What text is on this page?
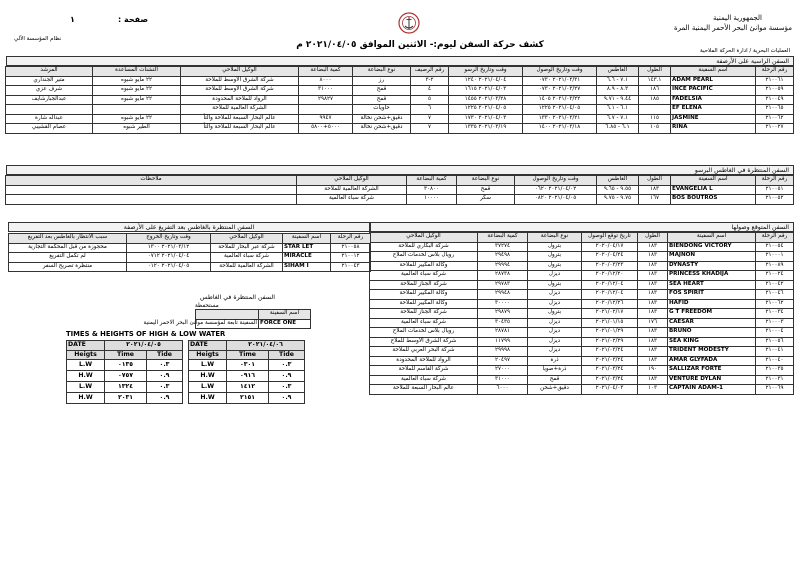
الجمهورية اليمنية
مؤسسة موانئ البحر الأحمر اليمنية المرة
١	صفحة :
نظام المؤسسة الآلي
كشف حركة السفن ليوم:- الاثنين الموافق ٢٠٢١/٠٤/٠٥ م
العمليات البحرية / ادارة الحركة الملاحية
السفن الراسية على الأرصفة
رقم الرحلة	اسم السفينة	الطول	الغاطس	وقت وتاريخ الوصول	وقت وتاريخ الرسو	رقم الرصيف	نوع البضاعة	كمية البضاعة	الوكيل الملاحي	التشنات المساعدة	المرشد
٢١٠٠٦١	ADAM PEARL	١٤٣.١	٧.١ - ٦.٦	٢٠٢١/٠٣/٣١ ٠٧٣٠	٢٠٢١/٠٤/٠٤ ١٢٤٠	٢-٣	رز	٨٠٠٠	شركة الشرق الاوسط للملاحة	٢٢ مايو شبوه	متير الجنداري
٢١٠٠٥٩	INCE PACIFIC	١٨٦	٨.٣ - ٨.٩	٢٠٢١/٠٣/٢٧ ٠٧٣٠	٢٠٢١/٠٤/٠٣ ١٦١٥	٤	قمح	٣١٠٠٠	شركة الشرق الاوسط للملاحة	٢٢ مايو شبوه	شرف عزي
٢١٠٠٤٩	FADELSIA	١٨٥	٩.٤٤ - ٩.٧١	٢٠٢١/٠٣/٢٢ ١٤٠٥	٢٠٢١/٠٣/٢٨ ١٤٥٥	٥	قمح	٢٩٨٢٧	الرواد للملاحة المحدودة	٢٢ مايو شبوه	عبدالجبارشايف
٢١٠٠٦٥	EF ELENA		٦.١ - ٦.١	٢٠٢١/٠٤/٠٥ ١٢٢٥	٢٠٢١/٠٤/٠٥ ١٢٢٥	٦	حاويات		الشركة العالمية للملاحة		
٢١٠٠٦٢	JASMINE	١١٥	٧.١ - ٦.٧	٢٠٢١/٠٣/٢١ ١٣٣٠	٢٠٢١/٠٤/٠٣ ١٧٣٠	٧	دقيق+شحن نخالة	٩٩٤٧	عالم البحار السبعة للملاحة والتأ	٢٢ مايو شبوه	عبداله شارة
٢١٠٠٢٧	RINA	١٠٥	٦.١ - ٦.٨٥	٢٠٢١/٠٣/١٨ ١٤٠٠	٢٠٢١/٠٣/١٩ ١٣٣٥	٧	دقيق+شحن نخالة	٥٠٠٠+٥٨٠٠	عالم البحار السبعة للملاحة والتأ	الطير شبوه	عصام القشيبي
السفن المنتظرة في الغاطس البرسو
رقم الرحلة	اسم السفينة	الطول	الغاطس	وقت وتاريخ الوصول	نوع البضاعة	كمية البضاعة	الوكيل الملاحي	ملاحظات
٢١٠٠٥١	EVANGELIA L	١٨٣	٩.٥٥ - ٩.٦٥	٢٠٢١/٠٤/٠٢ ٠٦٢٠	قمح	٣٠٨٠٠	الشركة العالمية للملاحة	
٢١٠٠٥٢	BOS BOUTROS	١٦٧	٩.٧٥ - ٩.٧٥	٢٠٢١/٠٤/٠٥ ٠٨٢٠	سكر	١٠٠٠٠	شركة سباء العالمية	
السفن المتوقع وصولها
رقم الرحلة	اسم السفينة	الطول	تاريخ توقع الوصول	نوع البضاعة	كمية البضاعة	الوكيل الملاحي
٢١٠٠٥٤	BIENDONG VICTORY	١٨٣	٢٠٢٠/٠٤/١٧	بترول	٣٧٢٧٤	شركة البكاري للملاحة
٢١٠٠٠١	MAJNON	١٨٣	٢٠٢٠/٠٤/٢٤	بترول	٢٩٤٩٨	رويال بلاس لخدمات الملاح
٢١٠٠٨٩	DYNASTY	١٨٣	٢٠٢٠/٠٣/٢٣	بترول	٢٩٩٩٤	وكالة المكيير للملاحة
٢١٠٠٢٤	PRINCESS KHADIJA	١٨٣	٢٠٢٠/١٢/٢٠	ديزل	٢٨٧٣٨	شركة سباء العالمية
٢١٠٠٤٢	SEA HEART	١٨٣	٢٠٢٠/١٢/٠٤	بترول	٢٩٧٨٣	شركة الجناز للملاحة
٢١٠٠٤٦	FOS SPIRIT	١٨٣	٢٠٢٠/١٢/٠٤	ديزل	٢٩٩٤٨	وكالة المكيير للملاحة
٢١٠٠٦٢	HAFID	١٨٣	٢٠٢٠/١٢/٢٦	ديزل	٣٠٠٠٠	وكالة المكيير للملاحة
٢١٠٠٣٤	G T FREEDOM	١٨٣	٢٠٢١/٠٢/١٧	بترول	٢٩٨٧٩	شركة الجناز للملاحة
٢١٠٠٠٣	CAESAR	١٧٦	٢٠٢١/٠١/١٥	ديزل	٣٠٤٣٥	شركة سباء العالمية
٢١٠٠٠٤	BRUNO	١٨٣	٢٠٢١/٠١/٢٩	ديزل	٢٨٧٨١	رويال بلاس لخدمات الملاح
٢١٠٠٥٦	SEA KING	١٨٣	٢٠٢١/٠٢/٢٩	ديزل	١١٧٩٩	شركة الشرق الاوسط للملاح
٢١٠٠٤١	TRIDENT MODESTY	١٨٣	٢٠٢١/٠٣/٢٤	ديزل	٢٩٩٩٨	شركة البحر العربي للملاحة
٢١٠٠٤٠	AMAR GLYFADA	١٨٣	٢٠٢١/٠٣/٢٤	ذرة	٢٠٤٩٧	الرواد للملاحة المحدودة
٢١٠٠٣٥	SALLIZAR FORTE	١٩٠	٢٠٢١/٠٣/٢٤	ذرة+صويا	٢٧٠٠٠	شركة القاسم للملاحة
٢١٠٠٣١	VENTURE DYLAN	١٨٣	٢٠٢١/٠٣/٢٤	قمح	٣١٠٠٠	شركة سباء العالمية
٢١٠٠٦٩	CAPTAIN ADAM-1	١٠٣	٢٠٢١/٠٤/٠٣	دقيق+شحن	٦٠٠٠	عالم البحار السبعة للملاحة
السفن المنتظرة بالغاطس بعد التفريغ على الأرصفة
رقم الرحلة	اسم السفينة	الوكيل الملاحي	وقت وتاريخ الخروج	سبب الانتظار بالغاطس بعد التفريغ
٢١٠٠٥٨	STAR LET	شركة عبر البحار للملاحة	٢٠٢١/٠٣/١٢ ١٣٠٠	محجوزة من قبل المحكمة التجارية
٢١٠٠١٢	MIRACLE	شركة سباء العالمية	٢٠٢١/٠٤/٠٤ ٠٧١٢	لم تكمل التفريغ
٢١٠٠٤٣	SIHAM I	الشركة العالمية للملاحة	٢٠٢١/٠٤/٠٥ ٠١٢٠	منتظرة تصريح السفر
السفن المنتظرة في الغاطس
مستحفظة
اسم السفينة	
FORCE ONE	السفينة تابعة لمؤسسة موانئ البحر الاحمر اليمنية
TIMES & HEIGHTS OF HIGH & LOW WATER
DATE	٢٠٢١/٠٤/٠٥	
Heigts	Time	Tide
L.W	٠١٣٥	٠.٣
H.W	٠٧٥٧	٠.٩
L.W	١٣٢٤	٠.٣
H.W	٢٠٣١	٠.٩
DATE	٢٠٢١/٠٤/٠٦	
Heigts	Time	Tide
L.W	٠٣٠١	٠.٣
H.W	٠٩١٦	٠.٩
L.W	١٤١٢	٠.٣
H.W	٢١٥١	٠.٩
